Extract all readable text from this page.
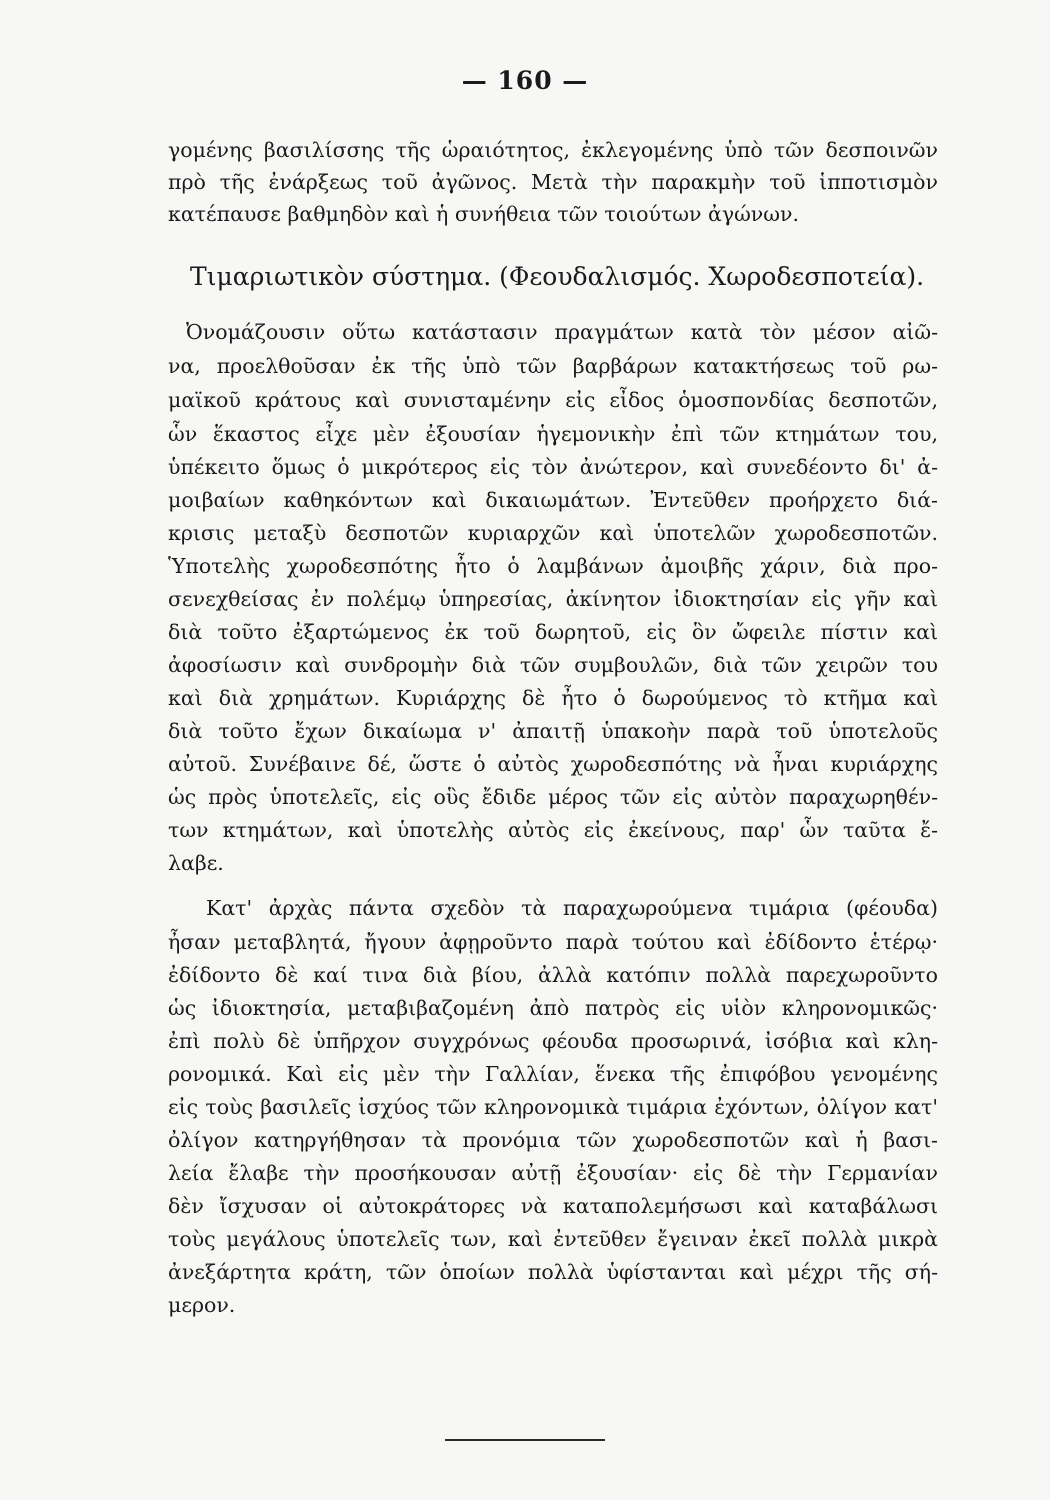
— 160 —
γομένης βασιλίσσης τῆς ὡραιότητος, ἐκλεγομένης ὑπὸ τῶν δεσποινῶν
πρὸ τῆς ἐνάρξεως τοῦ ἀγῶνος. Μετὰ τὴν παρακμὴν τοῦ ἱπποτισμὸν
κατέπαυσε βαθμηδὸν καὶ ἡ συνήθεια τῶν τοιούτων ἀγώνων.
Τιμαριωτικὸν σύστημα. (Φεουδαλισμός. Χωροδεσποτεία).
Ὀνομάζουσιν οὕτω κατάστασιν πραγμάτων κατὰ τὸν μέσον αἰῶ-
να, προελθοῦσαν ἐκ τῆς ὑπὸ τῶν βαρβάρων κατακτήσεως τοῦ ρω-
μαϊκοῦ κράτους καὶ συνισταμένην εἰς εἶδος ὁμοσπονδίας δεσποτῶν,
ὧν ἕκαστος εἶχε μὲν ἐξουσίαν ἡγεμονικὴν ἐπὶ τῶν κτημάτων του,
ὑπέκειτο ὅμως ὁ μικρότερος εἰς τὸν ἀνώτερον, καὶ συνεδέοντο δι' ἀ-
μοιβαίων καθηκόντων καὶ δικαιωμάτων. Ἐντεῦθεν προήρχετο διά-
κρισις μεταξὺ δεσποτῶν κυριαρχῶν καὶ ὑποτελῶν χωροδεσποτῶν.
Ὑποτελὴς χωροδεσπότης ἦτο ὁ λαμβάνων ἀμοιβῆς χάριν, διὰ προ-
σενεχθείσας ἐν πολέμῳ ὑπηρεσίας, ἀκίνητον ἰδιοκτησίαν εἰς γῆν καὶ
διὰ τοῦτο ἐξαρτώμενος ἐκ τοῦ δωρητοῦ, εἰς ὃν ὤφειλε πίστιν καὶ
ἀφοσίωσιν καὶ συνδρομὴν διὰ τῶν συμβουλῶν, διὰ τῶν χειρῶν του
καὶ διὰ χρημάτων. Κυριάρχης δὲ ἦτο ὁ δωρούμενος τὸ κτῆμα καὶ
διὰ τοῦτο ἔχων δικαίωμα ν' ἀπαιτῇ ὑπακοὴν παρὰ τοῦ ὑποτελοῦς
αὐτοῦ. Συνέβαινε δέ, ὥστε ὁ αὐτὸς χωροδεσπότης νὰ ἦναι κυριάρχης
ὡς πρὸς ὑποτελεῖς, εἰς οὓς ἔδιδε μέρος τῶν εἰς αὐτὸν παραχωρηθέν-
των κτημάτων, καὶ ὑποτελὴς αὐτὸς εἰς ἐκείνους, παρ' ὧν ταῦτα ἔ-
λαβε.
Κατ' ἀρχὰς πάντα σχεδὸν τὰ παραχωρούμενα τιμάρια (φέουδα)
ἦσαν μεταβλητά, ἤγουν ἀφῃροῦντο παρὰ τούτου καὶ ἐδίδοντο ἑτέρῳ·
ἐδίδοντο δὲ καί τινα διὰ βίου, ἀλλὰ κατόπιν πολλὰ παρεχωροῦντο
ὡς ἰδιοκτησία, μεταβιβαζομένη ἀπὸ πατρὸς εἰς υἱὸν κληρονομικῶς·
ἐπὶ πολὺ δὲ ὑπῆρχον συγχρόνως φέουδα προσωρινά, ἰσόβια καὶ κλη-
ρονομικά. Καὶ εἰς μὲν τὴν Γαλλίαν, ἕνεκα τῆς ἐπιφόβου γενομένης
εἰς τοὺς βασιλεῖς ἰσχύος τῶν κληρονομικὰ τιμάρια ἐχόντων, ὀλίγον κατ'
ὀλίγον κατηργήθησαν τὰ προνόμια τῶν χωροδεσποτῶν καὶ ἡ βασι-
λεία ἔλαβε τὴν προσήκουσαν αὐτῇ ἐξουσίαν· εἰς δὲ τὴν Γερμανίαν
δὲν ἴσχυσαν οἱ αὐτοκράτορες νὰ καταπολεμήσωσι καὶ καταβάλωσι
τοὺς μεγάλους ὑποτελεῖς των, καὶ ἐντεῦθεν ἔγειναν ἐκεῖ πολλὰ μικρὰ
ἀνεξάρτητα κράτη, τῶν ὁποίων πολλὰ ὑφίστανται καὶ μέχρι τῆς σή-
μερον.
